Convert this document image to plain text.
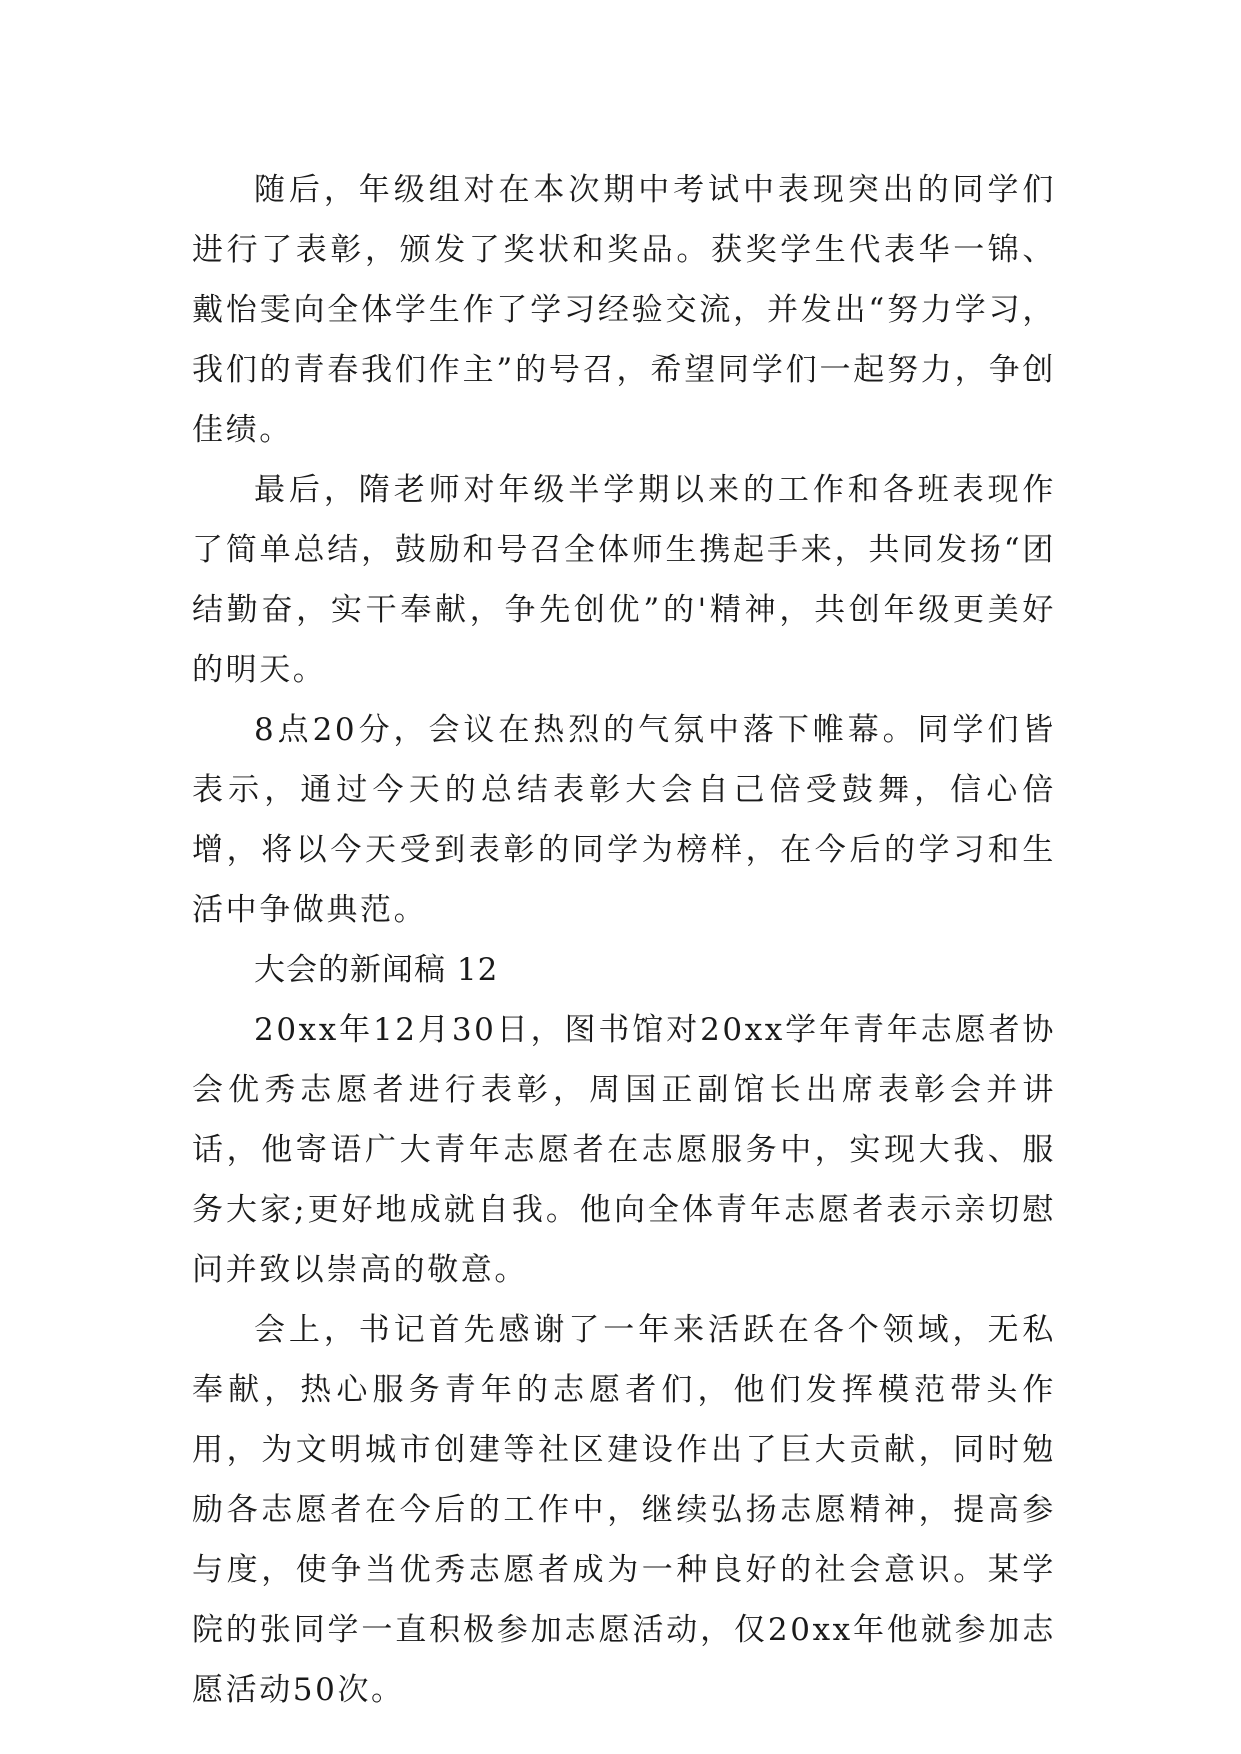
随后，年级组对在本次期中考试中表现突出的同学们进行了表彰，颁发了奖状和奖品。获奖学生代表华一锦、戴怡雯向全体学生作了学习经验交流，并发出“努力学习，我们的青春我们作主”的号召，希望同学们一起努力，争创佳绩。

最后，隋老师对年级半学期以来的工作和各班表现作了简单总结，鼓励和号召全体师生携起手来，共同发扬“团结勤奋，实干奉献，争先创优”的'精神，共创年级更美好的明天。

8点20分，会议在热烈的气氛中落下帷幕。同学们皆表示，通过今天的总结表彰大会自己倍受鼓舞，信心倍增，将以今天受到表彰的同学为榜样，在今后的学习和生活中争做典范。

大会的新闻稿 12

20xx年12月30日，图书馆对20xx学年青年志愿者协会优秀志愿者进行表彰，周国正副馆长出席表彰会并讲话，他寄语广大青年志愿者在志愿服务中，实现大我、服务大家;更好地成就自我。他向全体青年志愿者表示亲切慰问并致以崇高的敬意。

会上，书记首先感谢了一年来活跃在各个领域，无私奉献，热心服务青年的志愿者们，他们发挥模范带头作用，为文明城市创建等社区建设作出了巨大贡献，同时勉励各志愿者在今后的工作中，继续弘扬志愿精神，提高参与度，使争当优秀志愿者成为一种良好的社会意识。某学院的张同学一直积极参加志愿活动，仅20xx年他就参加志愿活动50次。
